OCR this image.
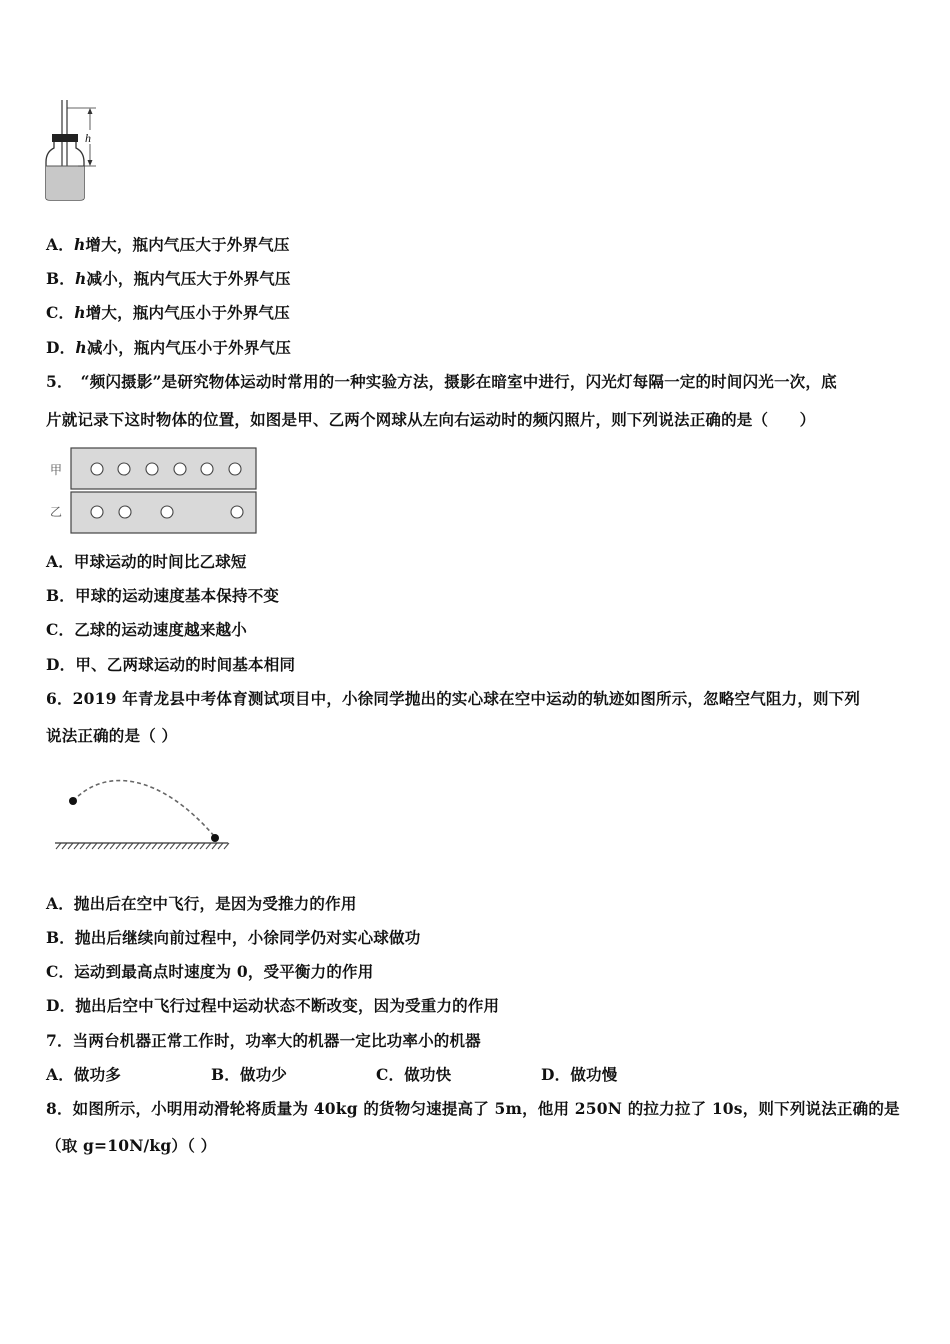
h
A．h增大，瓶内气压大于外界气压
B．h减小，瓶内气压大于外界气压
C．h增大，瓶内气压小于外界气压
D．h减小，瓶内气压小于外界气压
5．　“频闪摄影”是研究物体运动时常用的一种实验方法，摄影在暗室中进行，闪光灯每隔一定的时间闪光一次，底
片就记录下这时物体的位置，如图是甲、乙两个网球从左向右运动时的频闪照片，则下列说法正确的是（　　）
甲
乙
A．甲球运动的时间比乙球短
B．甲球的运动速度基本保持不变
C．乙球的运动速度越来越小
D．甲、乙两球运动的时间基本相同
6．2019 年青龙县中考体育测试项目中，小徐同学抛出的实心球在空中运动的轨迹如图所示，忽略空气阻力，则下列
说法正确的是（ ）
A．抛出后在空中飞行，是因为受推力的作用
B．抛出后继续向前过程中，小徐同学仍对实心球做功
C．运动到最高点时速度为 0，受平衡力的作用
D．抛出后空中飞行过程中运动状态不断改变，因为受重力的作用
7．当两台机器正常工作时，功率大的机器一定比功率小的机器
A．做功多	B．做功少	C．做功快	D．做功慢
8．如图所示，小明用动滑轮将质量为 40kg 的货物匀速提高了 5m，他用 250N 的拉力拉了 10s，则下列说法正确的是
（取 g=10N/kg）（ ）
